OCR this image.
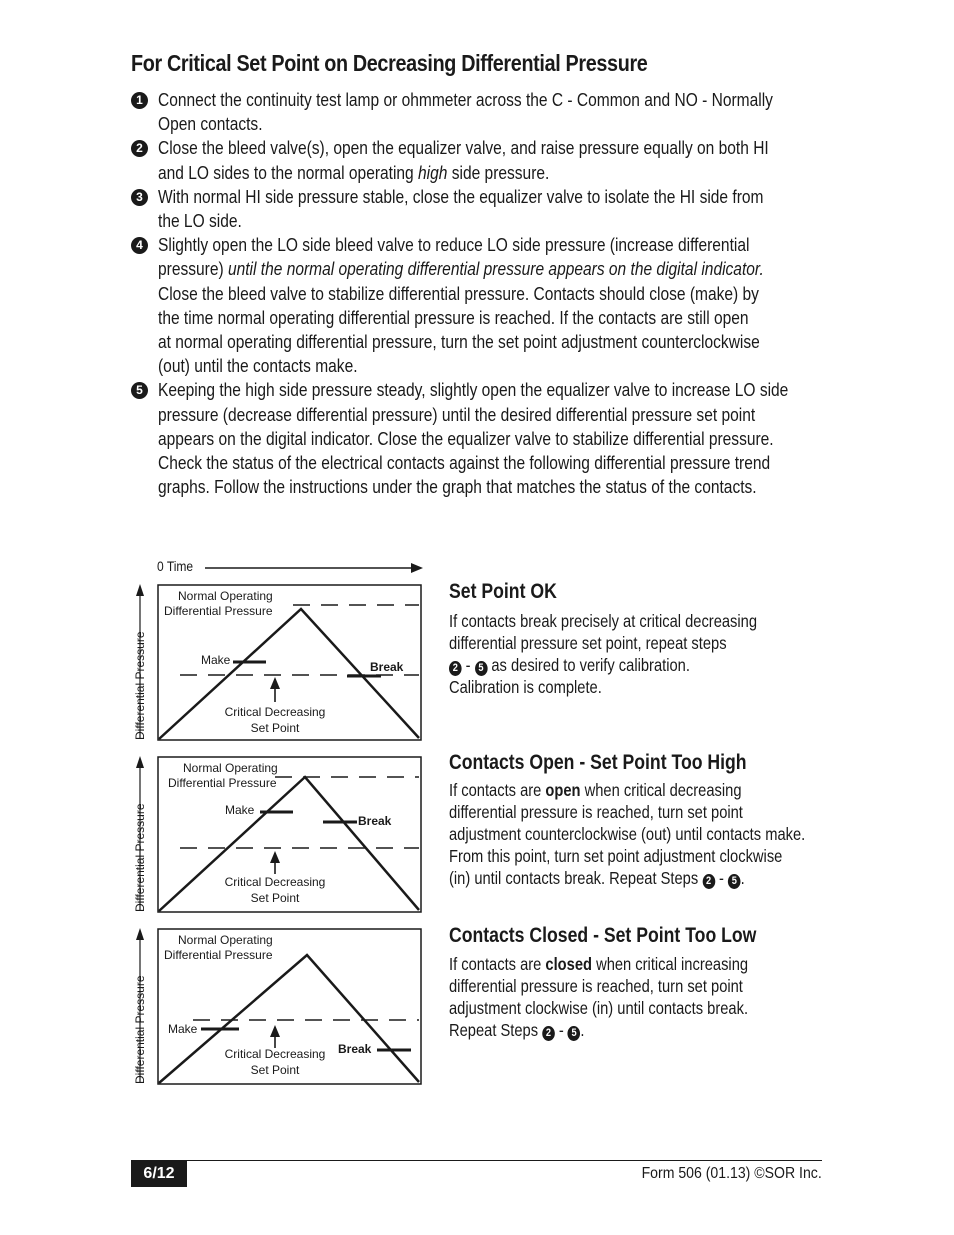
For Critical Set Point on Decreasing Differential Pressure
1 Connect the continuity test lamp or ohmmeter across the C - Common and NO - Normally
Open contacts.
2 Close the bleed valve(s), open the equalizer valve, and raise pressure equally on both HI
and LO sides to the normal operating high side pressure.
3 With normal HI side pressure stable, close the equalizer valve to isolate the HI side from
the LO side.
4 Slightly open the LO side bleed valve to reduce LO side pressure (increase differential
pressure) until the normal operating differential pressure appears on the digital indicator.
Close the bleed valve to stabilize differential pressure. Contacts should close (make) by
the time normal operating differential pressure is reached. If the contacts are still open
at normal operating differential pressure, turn the set point adjustment counterclockwise
(out) until the contacts make.
5 Keeping the high side pressure steady, slightly open the equalizer valve to increase LO side
pressure (decrease differential pressure) until the desired differential pressure set point
appears on the digital indicator. Close the equalizer valve to stabilize differential pressure.
Check the status of the electrical contacts against the following differential pressure trend
graphs. Follow the instructions under the graph that matches the status of the contacts.
0 Time
Differential Pressure
Normal Operating
Differential Pressure
Make	Break
Critical Decreasing
Set Point
Differential Pressure
Normal Operating
Differential Pressure
Make
Break
Critical Decreasing
Set Point
Differential Pressure
Normal Operating
Differential Pressure
Make
Break
Critical Decreasing
Set Point
Set Point OK

If contacts break precisely at critical decreasing

differential pressure set point, repeat steps

2 - 5 as desired to verify calibration.

Calibration is complete.

Contacts Open - Set Point Too High

If contacts are open when critical decreasing

differential pressure is reached, turn set point

adjustment counterclockwise (out) until contacts make.

From this point, turn set point adjustment clockwise

(in) until contacts break. Repeat Steps 2 - 5 .

Contacts Closed - Set Point Too Low

If contacts are closed when critical increasing

differential pressure is reached, turn set point

adjustment clockwise (in) until contacts break.

Repeat Steps 2 - 5 .

6/12	Form 506 (01.13) ©SOR Inc.
